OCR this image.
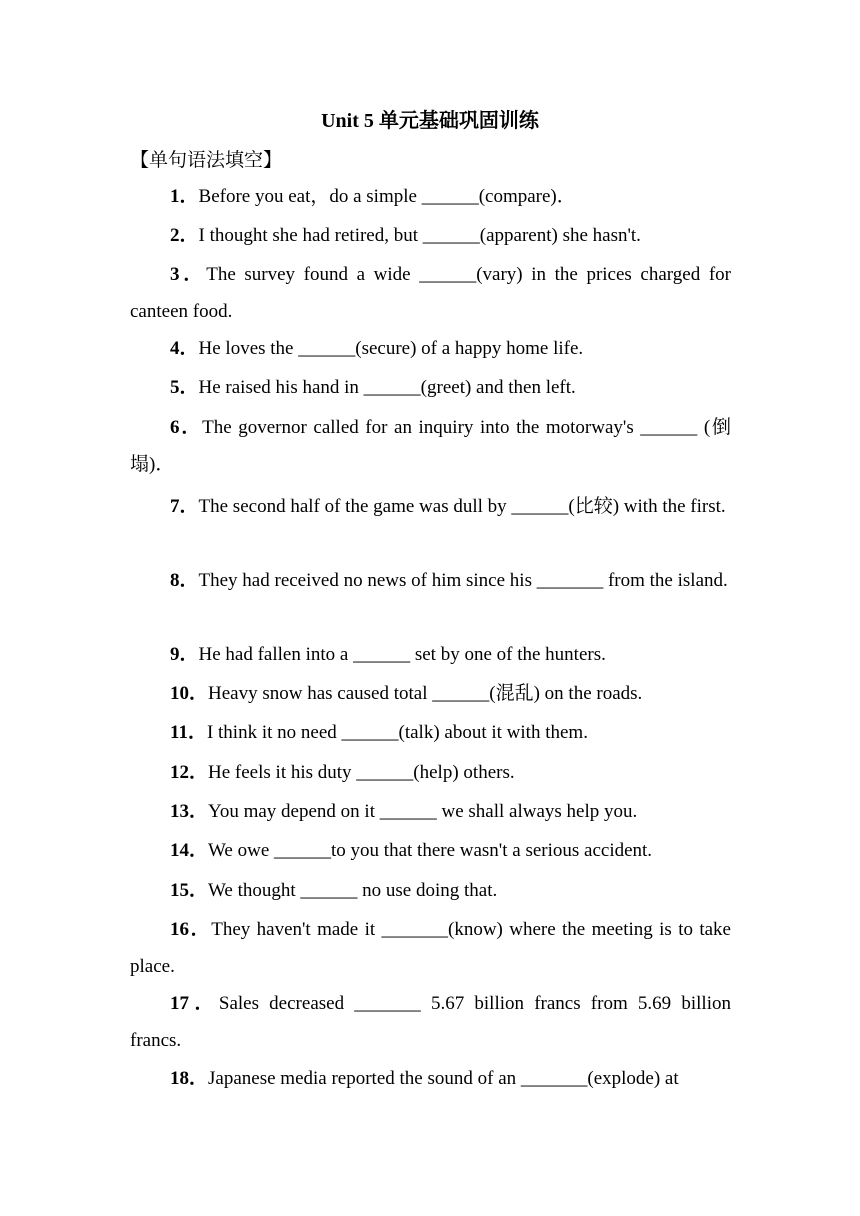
Unit 5 单元基础巩固训练
【单句语法填空】
1．Before you eat，do a simple ______(compare)．
2．I thought she had retired, but ______(apparent) she hasn't.
3．The survey found a wide ______(vary) in the prices charged for canteen food.
4．He loves the ______(secure) of a happy home life.
5．He raised his hand in ______(greet) and then left.
6．The governor called for an inquiry into the motorway's ______ (倒塌)．
7．The second half of the game was dull by ______(比较) with the first.
8．They had received no news of him since his _______ from the island.
9．He had fallen into a ______ set by one of the hunters.
10．Heavy snow has caused total ______(混乱) on the roads.
11．I think it no need ______(talk) about it with them.
12．He feels it his duty ______(help) others.
13．You may depend on it ______ we shall always help you.
14．We owe ______to you that there wasn't a serious accident.
15．We thought ______ no use doing that.
16．They haven't made it _______(know) where the meeting is to take place.
17．Sales decreased _______ 5.67 billion francs from 5.69 billion francs.
18．Japanese media reported the sound of an _______(explode) at
